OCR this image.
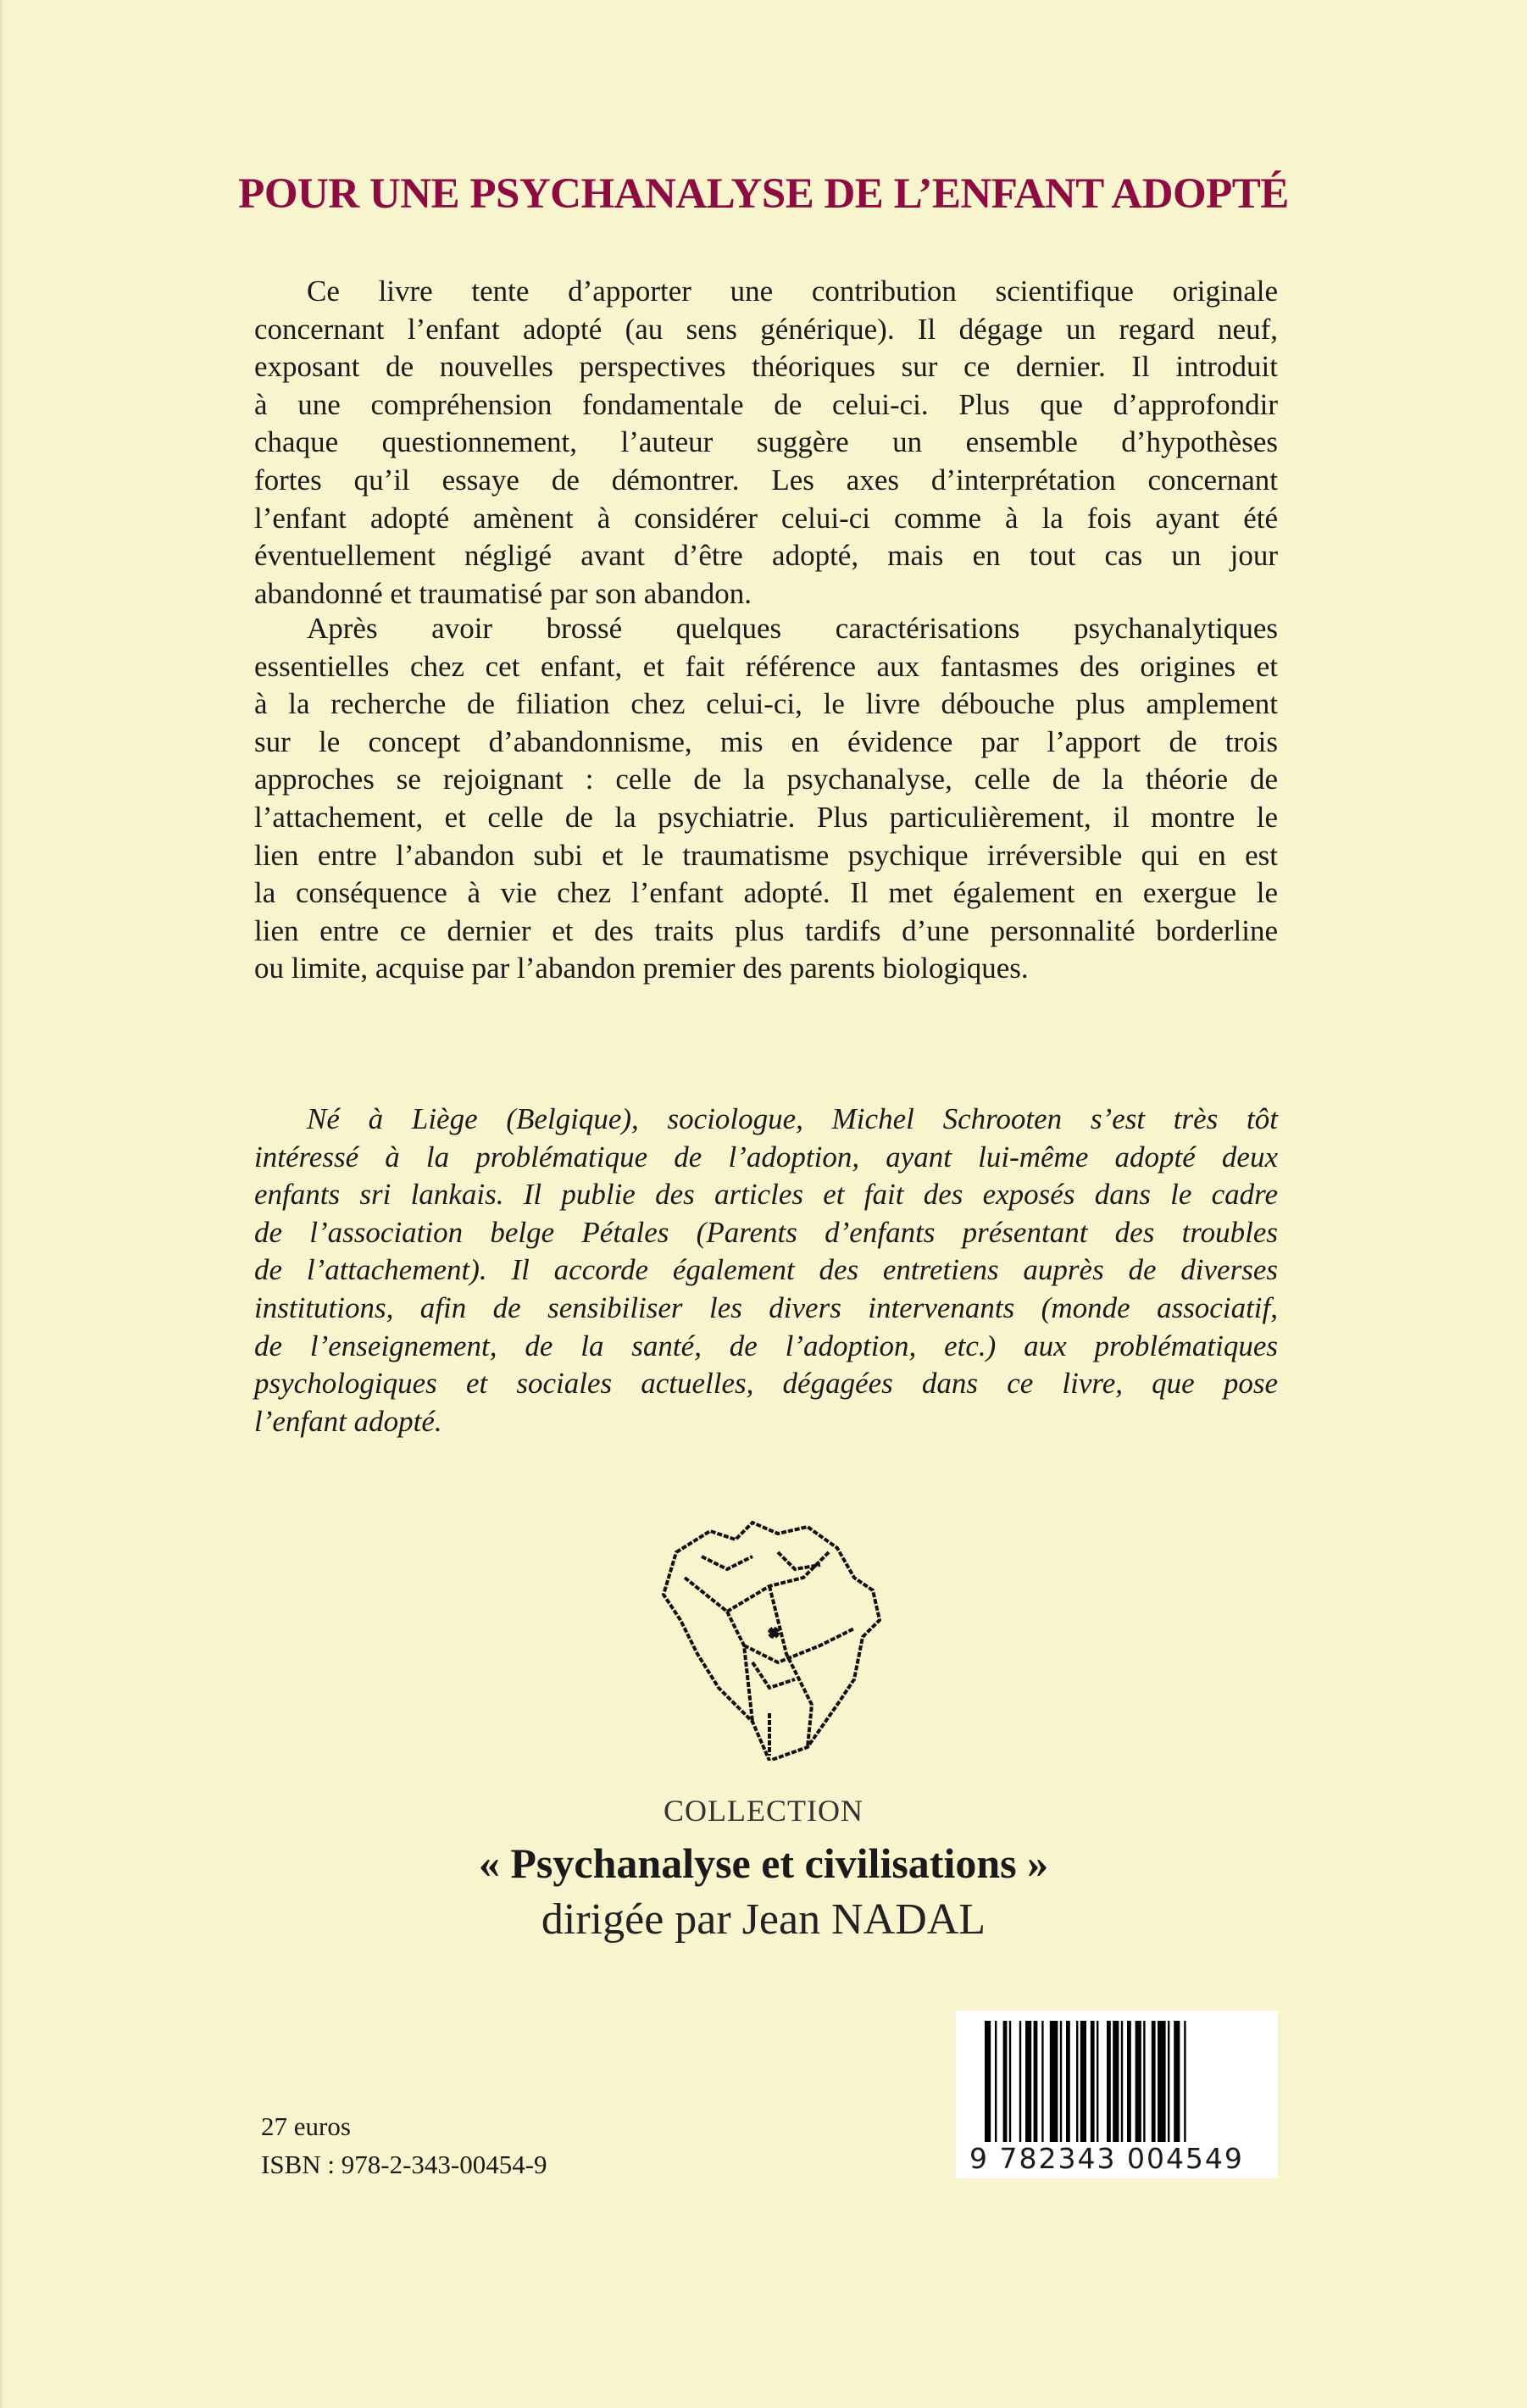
POUR UNE PSYCHANALYSE DE L’ENFANT ADOPTÉ
Ce livre tente d’apporter une contribution scientifique originale
concernant l’enfant adopté (au sens générique). Il dégage un regard neuf,
exposant de nouvelles perspectives théoriques sur ce dernier. Il introduit
à une compréhension fondamentale de celui-ci. Plus que d’approfondir
chaque questionnement, l’auteur suggère un ensemble d’hypothèses
fortes qu’il essaye de démontrer. Les axes d’interprétation concernant
l’enfant adopté amènent à considérer celui-ci comme à la fois ayant été
éventuellement négligé avant d’être adopté, mais en tout cas un jour
abandonné et traumatisé par son abandon.
Après avoir brossé quelques caractérisations psychanalytiques
essentielles chez cet enfant, et fait référence aux fantasmes des origines et
à la recherche de filiation chez celui-ci, le livre débouche plus amplement
sur le concept d’abandonnisme, mis en évidence par l’apport de trois
approches se rejoignant : celle de la psychanalyse, celle de la théorie de
l’attachement, et celle de la psychiatrie. Plus particulièrement, il montre le
lien entre l’abandon subi et le traumatisme psychique irréversible qui en est
la conséquence à vie chez l’enfant adopté. Il met également en exergue le
lien entre ce dernier et des traits plus tardifs d’une personnalité borderline
ou limite, acquise par l’abandon premier des parents biologiques.
Né à Liège (Belgique), sociologue, Michel Schrooten s’est très tôt
intéressé à la problématique de l’adoption, ayant lui-même adopté deux
enfants sri lankais. Il publie des articles et fait des exposés dans le cadre
de l’association belge Pétales (Parents d’enfants présentant des troubles
de l’attachement). Il accorde également des entretiens auprès de diverses
institutions, afin de sensibiliser les divers intervenants (monde associatif,
de l’enseignement, de la santé, de l’adoption, etc.) aux problématiques
psychologiques et sociales actuelles, dégagées dans ce livre, que pose
l’enfant adopté.
COLLECTION
« Psychanalyse et civilisations »
dirigée par Jean NADAL
9 782343 004549
27 euros
ISBN : 978-2-343-00454-9
